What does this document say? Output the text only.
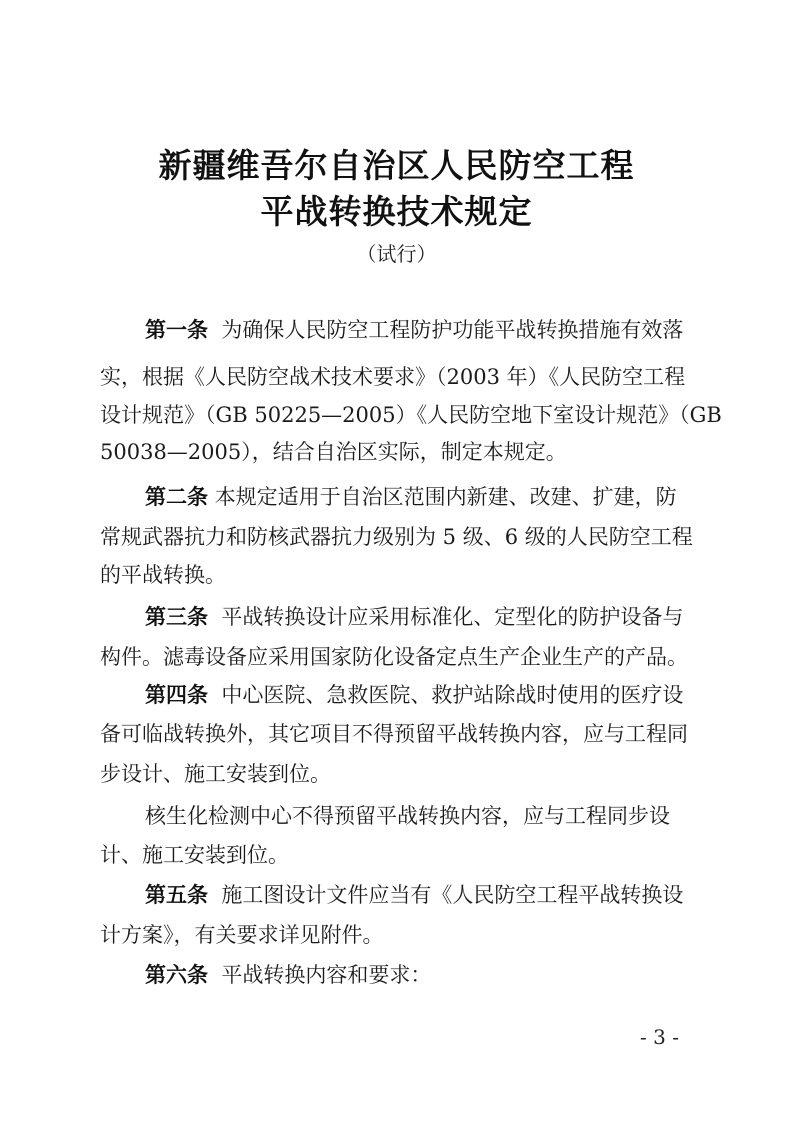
新疆维吾尔自治区人民防空工程
平战转换技术规定
（试行）
第一条 为确保人民防空工程防护功能平战转换措施有效落
实，根据《人民防空战术技术要求》（2003 年）《人民防空工程
设计规范》（GB 50225—2005）《人民防空地下室设计规范》（GB
50038—2005），结合自治区实际，制定本规定。
第二条 本规定适用于自治区范围内新建、改建、扩建，防
常规武器抗力和防核武器抗力级别为 5 级、6 级的人民防空工程
的平战转换。
第三条 平战转换设计应采用标准化、定型化的防护设备与
构件。滤毒设备应采用国家防化设备定点生产企业生产的产品。
第四条 中心医院、急救医院、救护站除战时使用的医疗设
备可临战转换外，其它项目不得预留平战转换内容，应与工程同
步设计、施工安装到位。
核生化检测中心不得预留平战转换内容，应与工程同步设
计、施工安装到位。
第五条 施工图设计文件应当有《人民防空工程平战转换设
计方案》，有关要求详见附件。
第六条 平战转换内容和要求：
- 3 -
